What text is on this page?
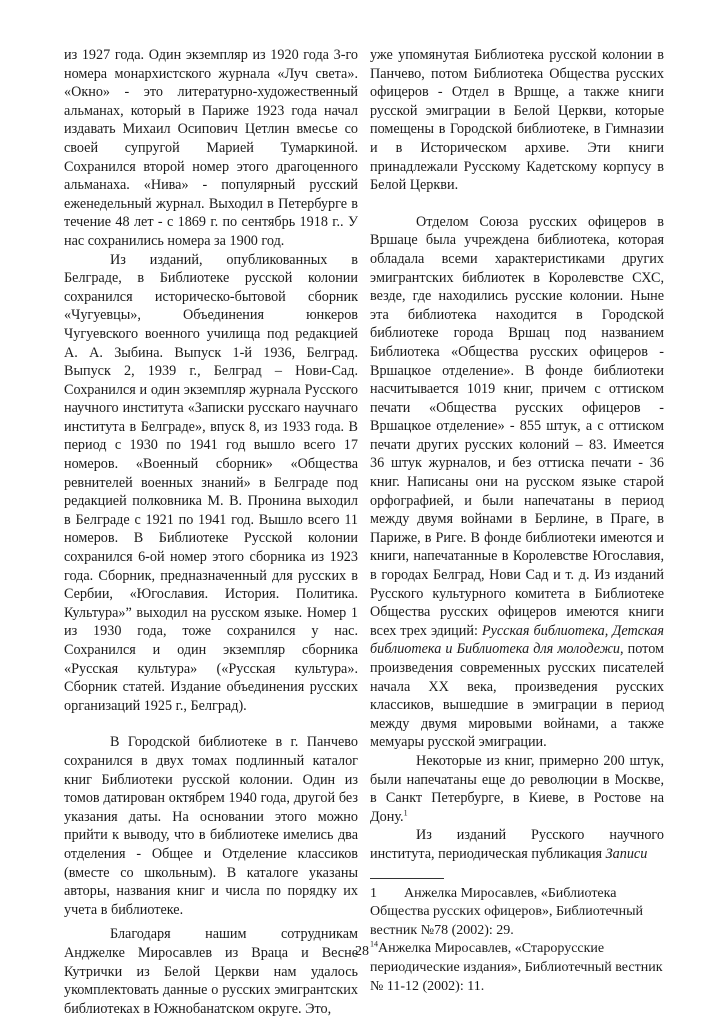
из 1927 года. Один экземпляр из 1920 года 3-го номера монархистского журнала «Луч света». «Окно» - это литературно-художественный альманах, который в Париже 1923 года начал издавать Михаил Осипович Цетлин вмесье со своей супругой Марией Тумаркиной. Сохранился второй номер этого драгоценного альманаха. «Нива» - популярный русский еженедельный журнал. Выходил в Петербурге в течение 48 лет - с 1869 г. по сентябрь 1918 г.. У нас сохранились номера за 1900 год.

Из изданий, опубликованных в Белграде, в Библиотеке русской колонии сохранился историческо-бытовой сборник «Чугуевцы», Объединения юнкеров Чугуевского военного училища под редакцией А. А. Зыбина. Выпуск 1-й 1936, Белград. Выпуск 2, 1939 г., Белград – Нови-Сад. Сохранился и один экземпляр журнала Русского научного института «Записки русскаго научнаго института в Белграде», впуск 8, из 1933 года. В период с 1930 по 1941 год вышло всего 17 номеров. «Военный сборник» «Общества ревнителей военных знаний» в Белграде под редакцией полковника М. В. Пронина выходил в Белграде с 1921 по 1941 год. Вышло всего 11 номеров. В Библиотеке Русской колонии сохранился 6-ой номер этого сборника из 1923 года. Сборник, предназначенный для русских в Сербии, «Югославия. История. Политика. Культура»” выходил на русском языке. Номер 1 из 1930 года, тоже сохранился у нас. Сохранился и один экземпляр сборника «Русская культура» («Русская культура». Сборник статей. Издание объединения русских организаций 1925 г., Белград).

В Городской библиотеке в г. Панчево сохранился в двух томах подлинный каталог книг Библиотеки русской колонии. Один из томов датирован октябрем 1940 года, другой без указания даты. На основании этого можно прийти к выводу, что в библиотеке имелись два отделения - Общее и Отделение классиков (вместе со школьным). В каталоге указаны авторы, названия книг и числа по порядку их учета в библиотеке.

Благодаря нашим сотрудникам Анджелке Миросавлев из Враца и Весне Кутрички из Белой Церкви нам удалось укомплектовать данные о русских эмигрантских библиотеках в Южнобанатском округе. Это,

уже упомянутая Библиотека русской колонии в Панчево, потом Библиотека Общества русских офицеров - Отдел в Вршце, а также книги русской эмиграции в Белой Церкви, которые помещены в Городской библиотеке, в Гимназии и в Историческом архиве. Эти книги принадлежали Русскому Кадетскому корпусу в Белой Церкви.

Отделом Союза русских офицеров в Вршаце была учреждена библиотека, которая обладала всеми характеристиками других эмигрантских библиотек в Королевстве СХС, везде, где находились русские колонии. Ныне эта библиотека находится в Городской библиотеке города Вршац под названием Библиотека «Общества русских офицеров - Вршацкое отделение». В фонде библиотеки насчитывается 1019 книг, причем с оттиском печати «Общества русских офицеров - Вршацкое отделение» - 855 штук, а с оттиском печати других русских колоний – 83. Имеется 36 штук журналов, и без оттиска печати - 36 книг. Написаны они на русском языке старой орфографией, и были напечатаны в период между двумя войнами в Берлине, в Праге, в Париже, в Риге. В фонде библиотеки имеются и книги, напечатанные в Королевстве Югославия, в городах Белград, Нови Сад и т. д. Из изданий Русского культурного комитета в Библиотеке Общества русских офицеров имеются книги всех трех эдиций: Русская библиотека, Детская библиотека и Библиотека для молодежи, потом произведения современных русских писателей начала XX века, произведения русских классиков, вышедшие в эмиграции в период между двумя мировыми войнами, а также мемуары русской эмиграции.

Некоторые из книг, примерно 200 штук, были напечатаны еще до революции в Москве, в Санкт Петербурге, в Киеве, в Ростове на Дону.$^1$

Из изданий Русского научного института, периодическая публикация Записи

1 Анжелка Миросавлев, «Библиотека Общества русских офицеров», Библиотечный вестник №78 (2002): 29.

$^{14}$Анжелка Миросавлев, «Старорусские периодические издания», Библиотечный вестник № 11-12 (2002): 11.

28
